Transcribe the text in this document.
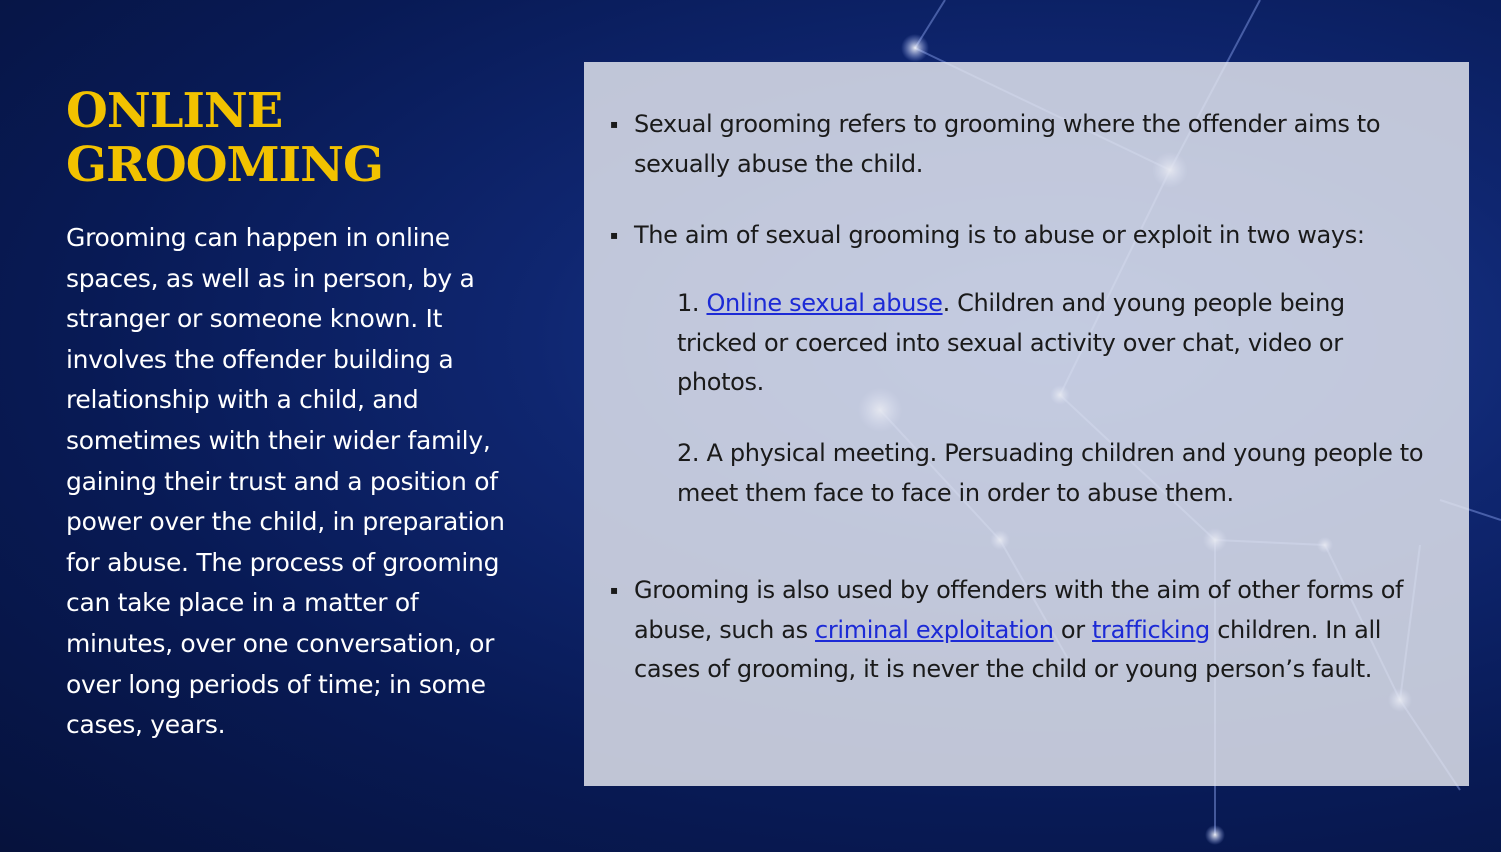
ONLINE
GROOMING

Grooming can happen in online spaces, as well as in person, by a stranger or someone known. It involves the offender building a relationship with a child, and sometimes with their wider family, gaining their trust and a position of power over the child, in preparation for abuse. The process of grooming can take place in a matter of minutes, over one conversation, or over long periods of time; in some cases, years.

▪ Sexual grooming refers to grooming where the offender aims to sexually abuse the child.
▪ The aim of sexual grooming is to abuse or exploit in two ways:
1. Online sexual abuse. Children and young people being tricked or coerced into sexual activity over chat, video or photos.
2. A physical meeting. Persuading children and young people to meet them face to face in order to abuse them.
▪ Grooming is also used by offenders with the aim of other forms of abuse, such as criminal exploitation or trafficking children. In all cases of grooming, it is never the child or young person’s fault.
